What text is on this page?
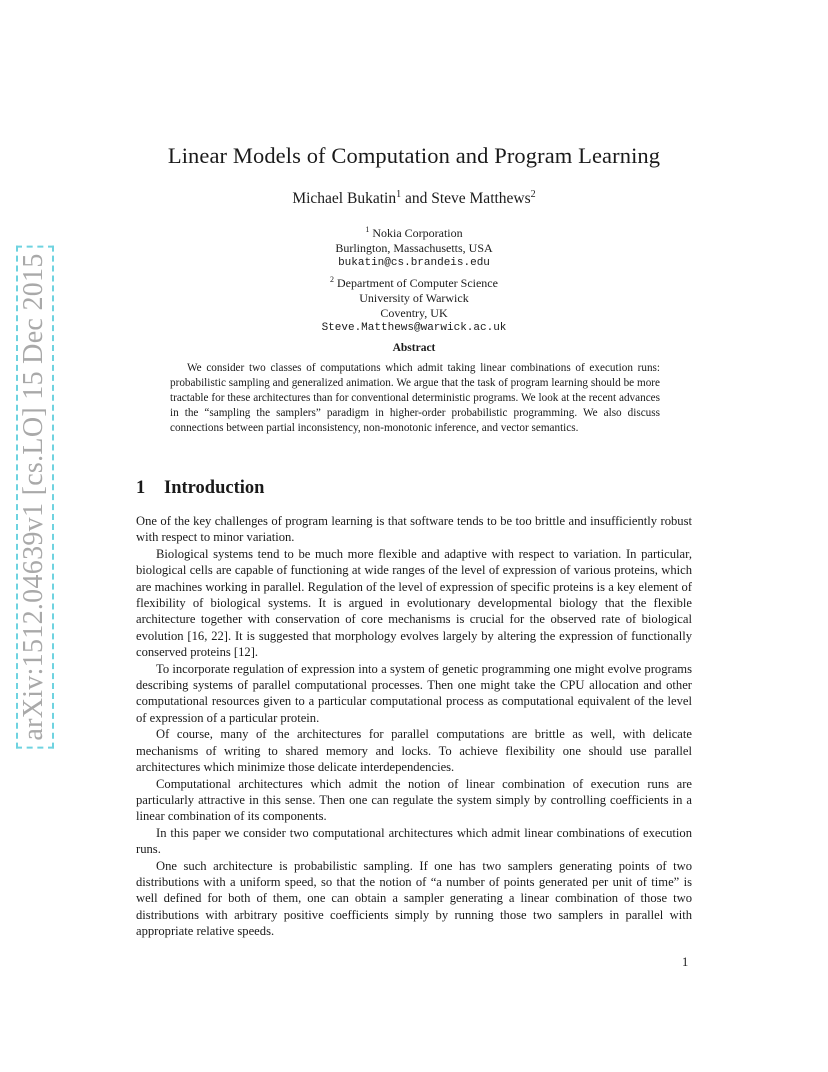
arXiv:1512.04639v1 [cs.LO] 15 Dec 2015
Linear Models of Computation and Program Learning
Michael Bukatin$^1$ and Steve Matthews$^2$
$^1$ Nokia Corporation
Burlington, Massachusetts, USA
bukatin@cs.brandeis.edu
$^2$ Department of Computer Science
University of Warwick
Coventry, UK
Steve.Matthews@warwick.ac.uk
Abstract
We consider two classes of computations which admit taking linear combinations of execution runs: probabilistic sampling and generalized animation. We argue that the task of program learning should be more tractable for these architectures than for conventional deterministic programs. We look at the recent advances in the “sampling the samplers” paradigm in higher-order probabilistic programming. We also discuss connections between partial inconsistency, non-monotonic inference, and vector semantics.
1 Introduction

One of the key challenges of program learning is that software tends to be too brittle and insufficiently robust with respect to minor variation.

Biological systems tend to be much more flexible and adaptive with respect to variation. In particular, biological cells are capable of functioning at wide ranges of the level of expression of various proteins, which are machines working in parallel. Regulation of the level of expression of specific proteins is a key element of flexibility of biological systems. It is argued in evolutionary developmental biology that the flexible architecture together with conservation of core mechanisms is crucial for the observed rate of biological evolution [16, 22]. It is suggested that morphology evolves largely by altering the expression of functionally conserved proteins [12].

To incorporate regulation of expression into a system of genetic programming one might evolve programs describing systems of parallel computational processes. Then one might take the CPU allocation and other computational resources given to a particular computational process as computational equivalent of the level of expression of a particular protein.

Of course, many of the architectures for parallel computations are brittle as well, with delicate mechanisms of writing to shared memory and locks. To achieve flexibility one should use parallel architectures which minimize those delicate interdependencies.

Computational architectures which admit the notion of linear combination of execution runs are particularly attractive in this sense. Then one can regulate the system simply by controlling coefficients in a linear combination of its components.

In this paper we consider two computational architectures which admit linear combinations of execution runs.

One such architecture is probabilistic sampling. If one has two samplers generating points of two distributions with a uniform speed, so that the notion of “a number of points generated per unit of time” is well defined for both of them, one can obtain a sampler generating a linear combination of those two distributions with arbitrary positive coefficients simply by running those two samplers in parallel with appropriate relative speeds.

1
